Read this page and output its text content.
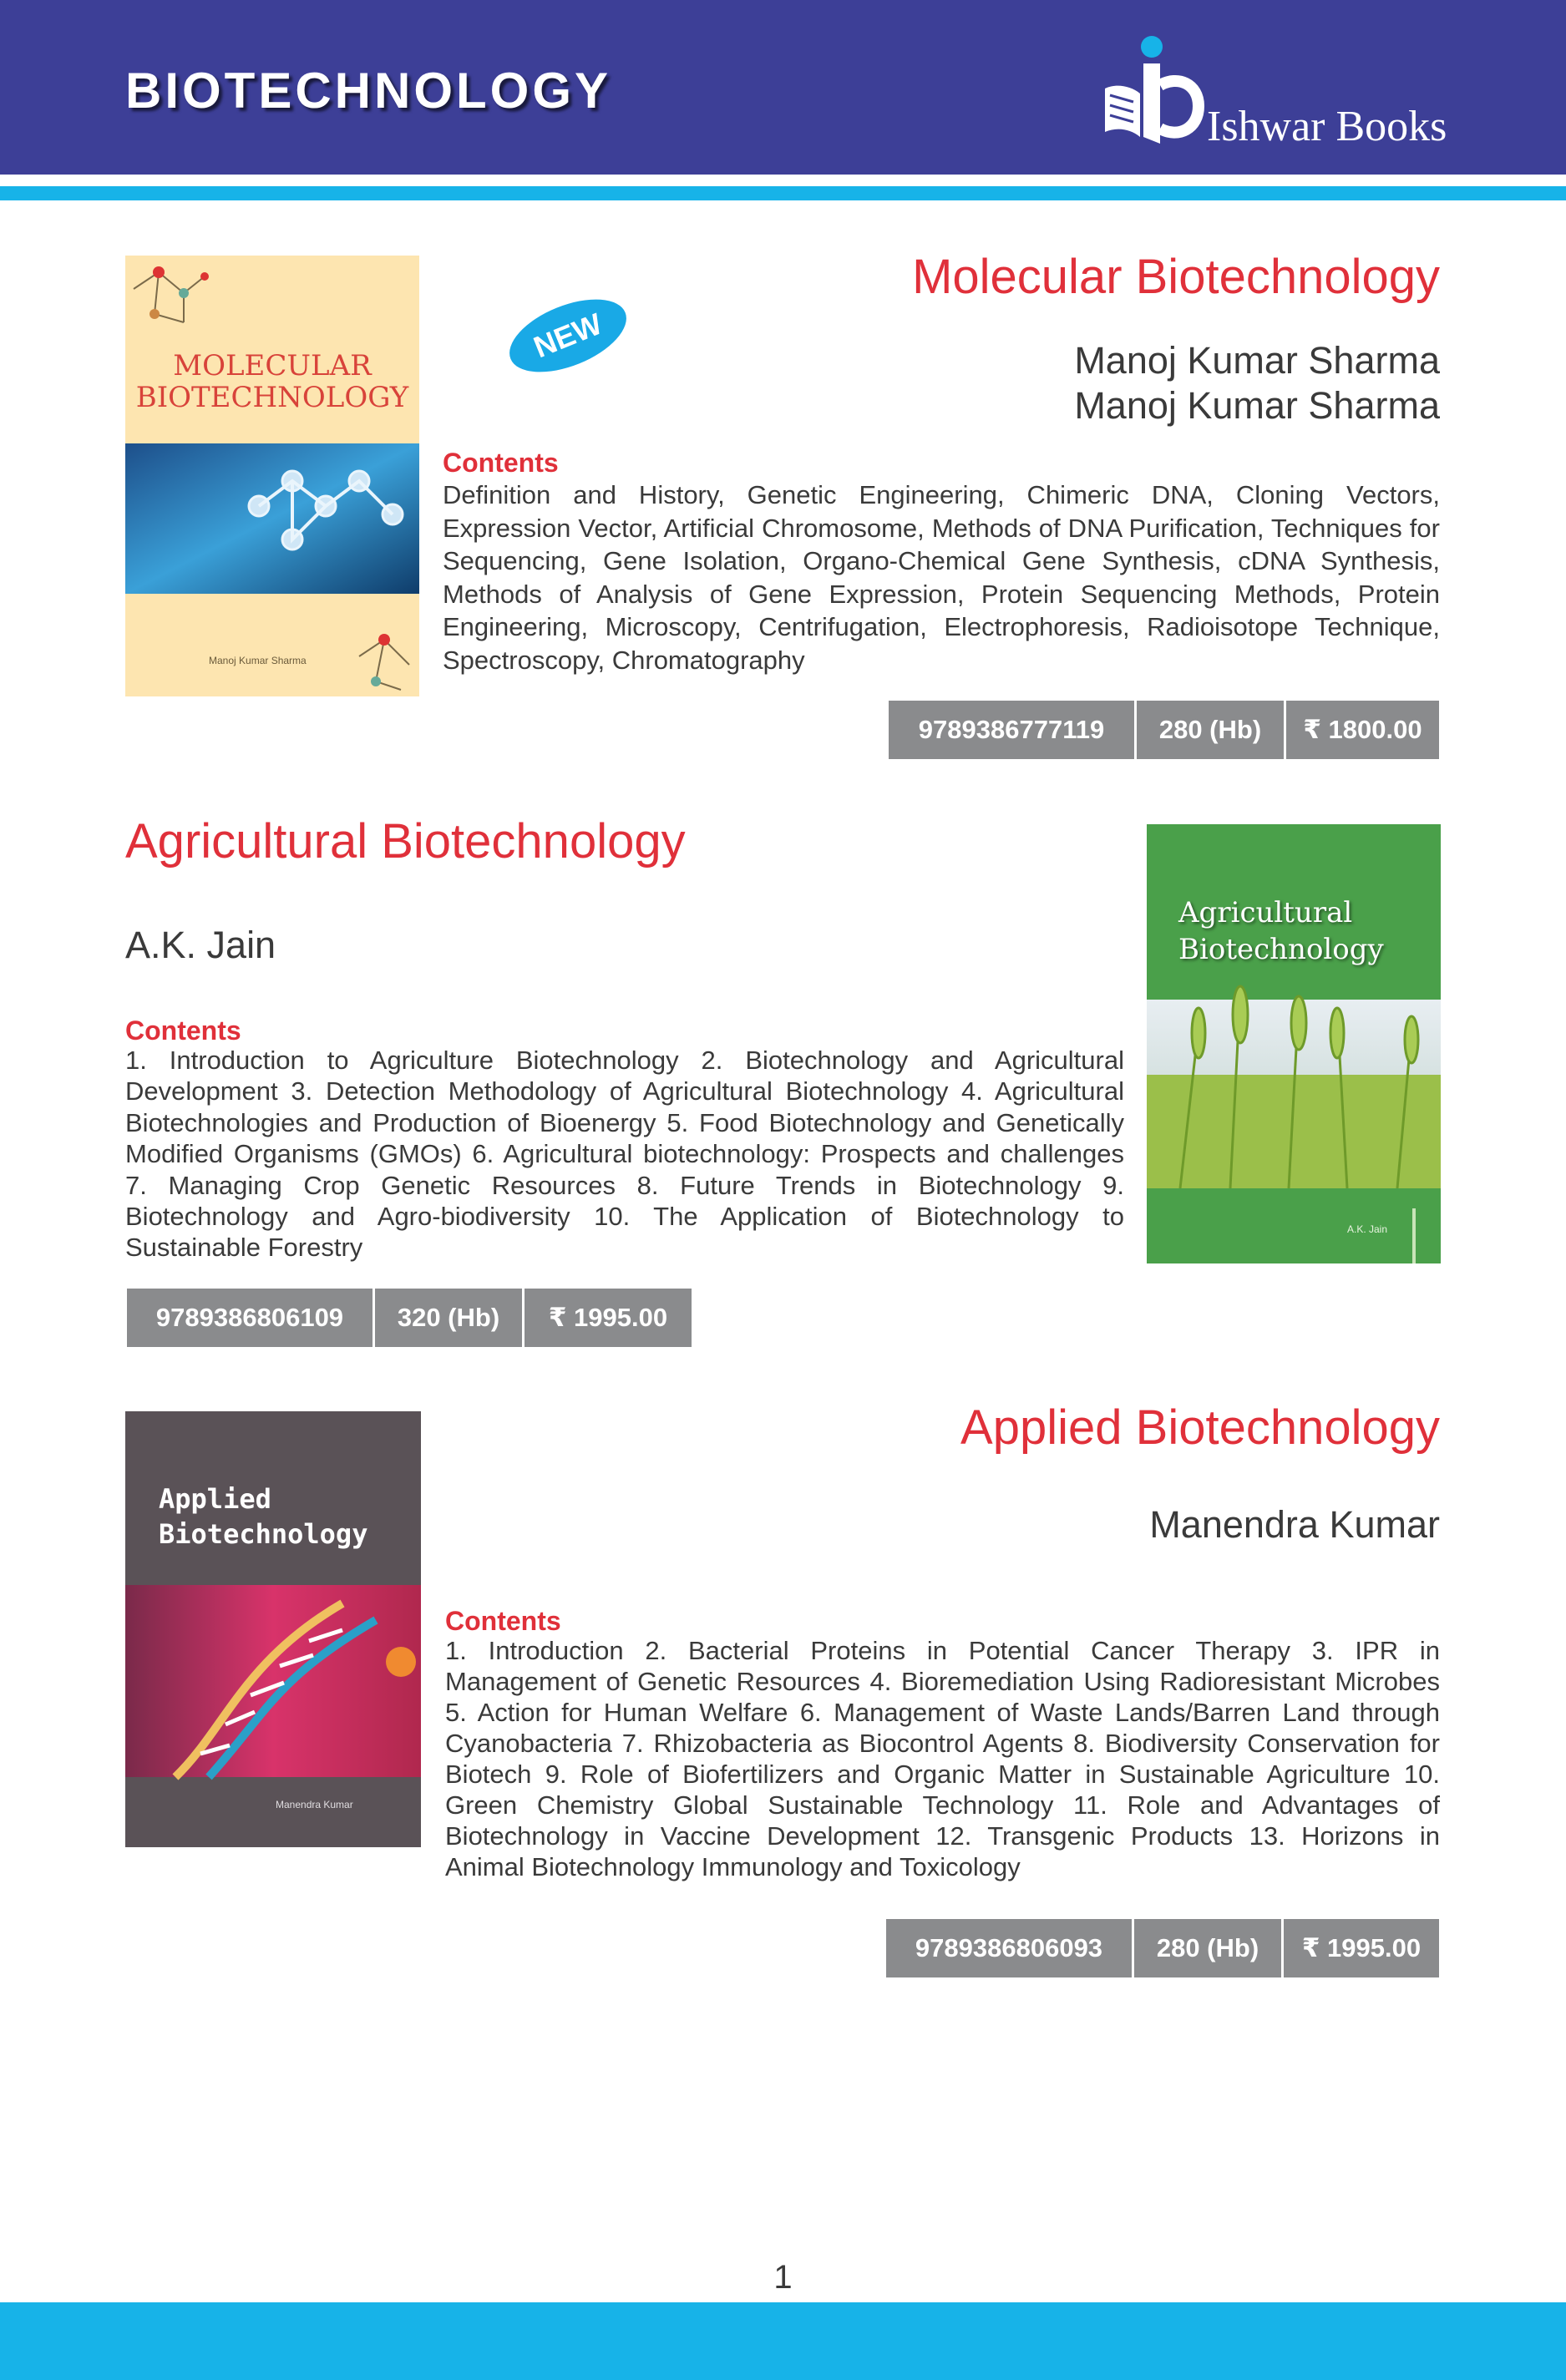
BIOTECHNOLOGY
Ishwar Books
MOLECULAR
BIOTECHNOLOGY
Manoj Kumar Sharma
NEW
Molecular Biotechnology
Manoj Kumar Sharma
Manoj Kumar Sharma
Contents
Definition and History, Genetic Engineering, Chimeric DNA, Cloning Vectors, Expression Vector, Artificial Chromosome, Methods of DNA Purification, Techniques for Sequencing, Gene Isolation, Organo-Chemical Gene Synthesis, cDNA Synthesis, Methods of Analysis of Gene Expression, Protein Sequencing Methods, Protein Engineering, Microscopy, Centrifugation, Electrophoresis, Radioisotope Technique, Spectroscopy, Chromatography
9789386777119	280 (Hb)	₹ 1800.00
Agricultural Biotechnology
A.K. Jain
Contents
1. Introduction to Agriculture Biotechnology 2. Biotechnology and Agricultural Development 3. Detection Methodology of Agricultural Biotechnology 4. Agricultural Biotechnologies and Production of Bioenergy 5. Food Biotechnology and Genetically Modified Organisms (GMOs) 6. Agricultural biotechnology: Prospects and challenges 7. Managing Crop Genetic Resources 8. Future Trends in Biotechnology 9. Biotechnology and Agro-biodiversity 10. The Application of Biotechnology to Sustainable Forestry
9789386806109	320 (Hb)	₹ 1995.00
Agricultural
Biotechnology
A.K. Jain
Applied
Biotechnology
Manendra Kumar
Applied Biotechnology
Manendra Kumar
Contents
1. Introduction 2. Bacterial Proteins in Potential Cancer Therapy 3. IPR in Management of Genetic Resources 4. Bioremediation Using Radioresistant Microbes 5. Action for Human Welfare 6. Management of Waste Lands/Barren Land through Cyanobacteria 7. Rhizobacteria as Biocontrol Agents 8. Biodiversity Conservation for Biotech 9. Role of Biofertilizers and Organic Matter in Sustainable Agriculture 10. Green Chemistry Global Sustainable Technology 11. Role and Advantages of Biotechnology in Vaccine Development 12. Transgenic Products 13. Horizons in Animal Biotechnology Immunology and Toxicology
9789386806093	280 (Hb)	₹ 1995.00
1
